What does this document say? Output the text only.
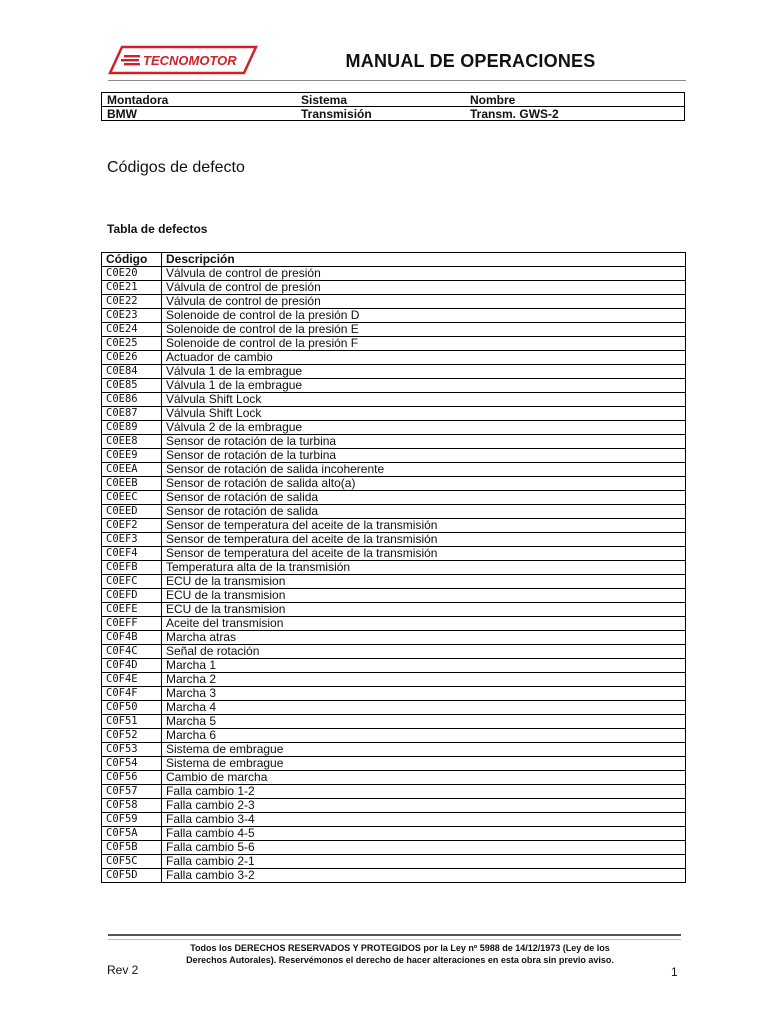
TECNOMOTOR	MANUAL DE OPERACIONES
Montadora	Sistema	Nombre
BMW	Transmisión	Transm. GWS-2
Códigos de defecto
Tabla de defectos
Código	Descripción
C0E20	Válvula de control de presión
C0E21	Válvula de control de presión
C0E22	Válvula de control de presión
C0E23	Solenoide de control de la presión D
C0E24	Solenoide de control de la presión E
C0E25	Solenoide de control de la presión F
C0E26	Actuador de cambio
C0E84	Válvula 1 de la embrague
C0E85	Válvula 1 de la embrague
C0E86	Válvula Shift Lock
C0E87	Válvula Shift Lock
C0E89	Válvula 2 de la embrague
C0EE8	Sensor de rotación de la turbina
C0EE9	Sensor de rotación de la turbina
C0EEA	Sensor de rotación de salida incoherente
C0EEB	Sensor de rotación de salida alto(a)
C0EEC	Sensor de rotación de salida
C0EED	Sensor de rotación de salida
C0EF2	Sensor de temperatura del aceite de la transmisión
C0EF3	Sensor de temperatura del aceite de la transmisión
C0EF4	Sensor de temperatura del aceite de la transmisión
C0EFB	Temperatura alta de la transmisión
C0EFC	ECU de la transmision
C0EFD	ECU de la transmision
C0EFE	ECU de la transmision
C0EFF	Aceite del transmision
C0F4B	Marcha atras
C0F4C	Señal de rotación
C0F4D	Marcha 1
C0F4E	Marcha 2
C0F4F	Marcha 3
C0F50	Marcha 4
C0F51	Marcha 5
C0F52	Marcha 6
C0F53	Sistema de embrague
C0F54	Sistema de embrague
C0F56	Cambio de marcha
C0F57	Falla cambio 1-2
C0F58	Falla cambio 2-3
C0F59	Falla cambio 3-4
C0F5A	Falla cambio 4-5
C0F5B	Falla cambio 5-6
C0F5C	Falla cambio 2-1
C0F5D	Falla cambio 3-2
Todos los DERECHOS RESERVADOS Y PROTEGIDOS por la Ley nº 5988 de 14/12/1973 (Ley de los
Derechos Autorales). Reservémonos el derecho de hacer alteraciones en esta obra sin previo aviso.
Rev 2	1
